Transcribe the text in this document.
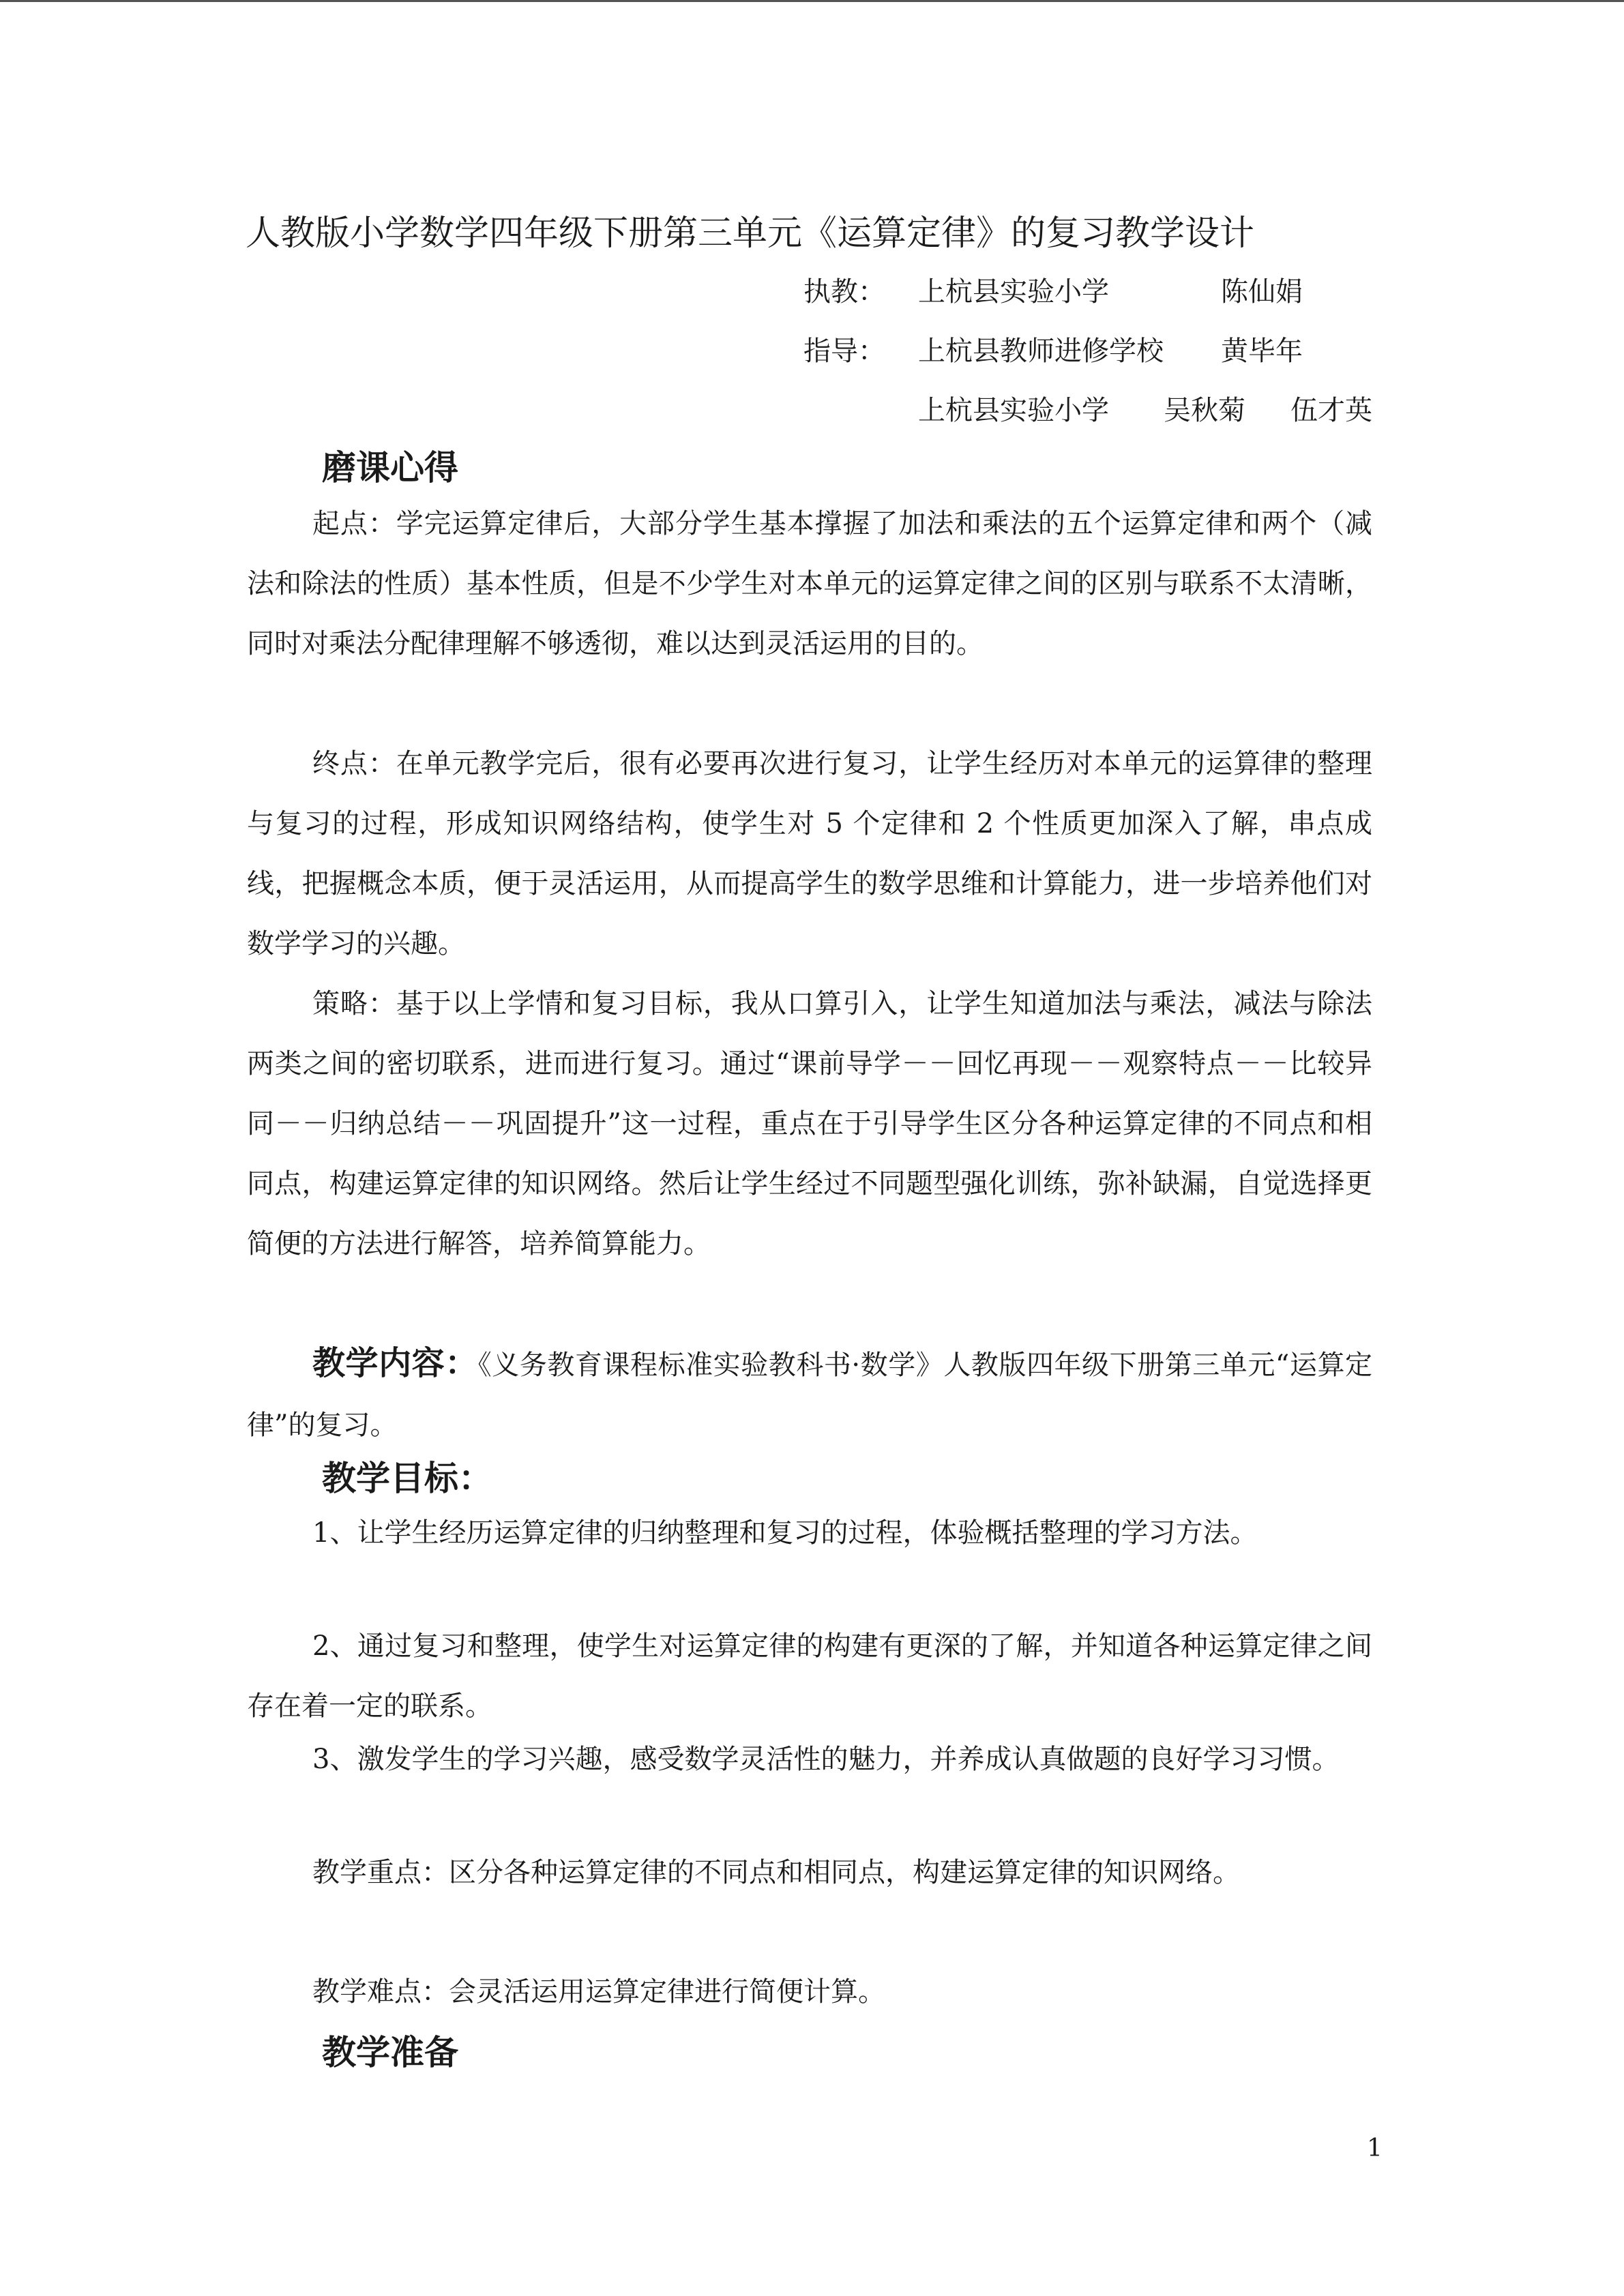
人教版小学数学四年级下册第三单元《运算定律》的复习教学设计
执教： 上杭县实验小学	陈仙娟
指导： 上杭县教师进修学校 黄毕年
上杭县实验小学 吴秋菊 伍才英
磨课心得
起点：学完运算定律后，大部分学生基本撑握了加法和乘法的五个运算定律和两个（减法和除法的性质）基本性质，但是不少学生对本单元的运算定律之间的区别与联系不太清晰，同时对乘法分配律理解不够透彻，难以达到灵活运用的目的。
终点：在单元教学完后，很有必要再次进行复习，让学生经历对本单元的运算律的整理与复习的过程，形成知识网络结构，使学生对 5 个定律和 2 个性质更加深入了解，串点成线，把握概念本质，便于灵活运用，从而提高学生的数学思维和计算能力，进一步培养他们对数学学习的兴趣。
策略：基于以上学情和复习目标，我从口算引入，让学生知道加法与乘法，减法与除法两类之间的密切联系，进而进行复习。通过“课前导学－－回忆再现－－观察特点－－比较异同－－归纳总结－－巩固提升”这一过程，重点在于引导学生区分各种运算定律的不同点和相同点，构建运算定律的知识网络。然后让学生经过不同题型强化训练，弥补缺漏，自觉选择更简便的方法进行解答，培养简算能力。
教学内容：《义务教育课程标准实验教科书·数学》人教版四年级下册第三单元“运算定律”的复习。
教学目标：
1、让学生经历运算定律的归纳整理和复习的过程，体验概括整理的学习方法。
2、通过复习和整理，使学生对运算定律的构建有更深的了解，并知道各种运算定律之间存在着一定的联系。
3、激发学生的学习兴趣，感受数学灵活性的魅力，并养成认真做题的良好学习习惯。
教学重点：区分各种运算定律的不同点和相同点，构建运算定律的知识网络。
教学难点：会灵活运用运算定律进行简便计算。
教学准备
1
